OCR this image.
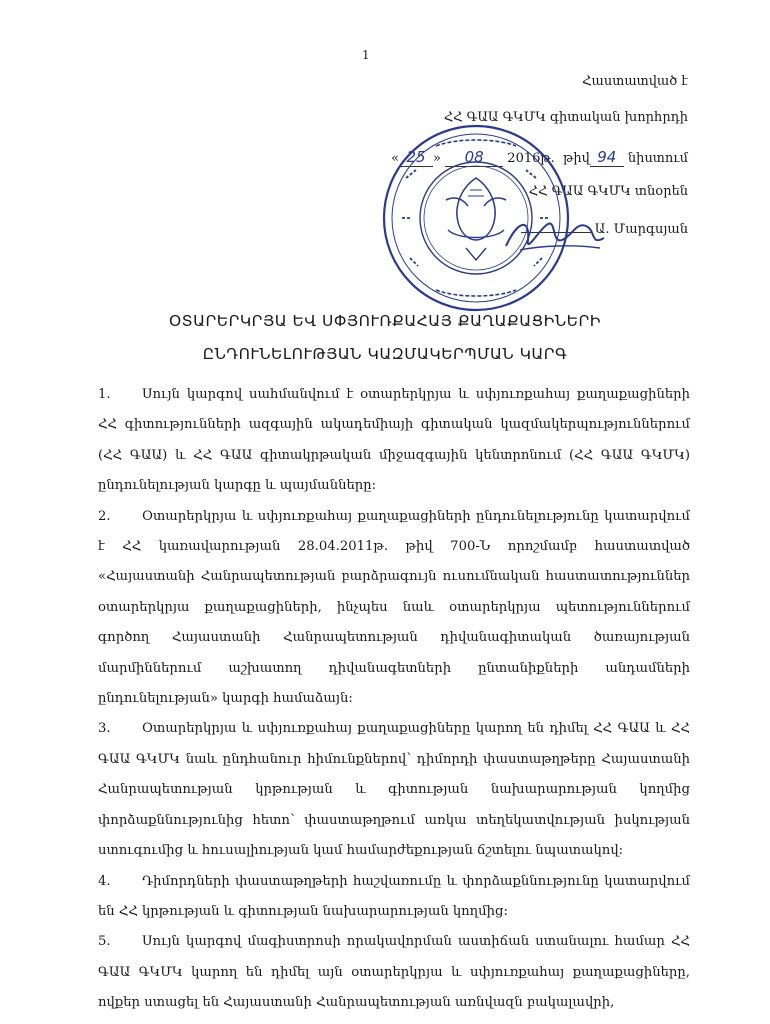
1
Հաստատված է
ՀՀ ԳԱԱ ԳԿՄԿ գիտական խորհրդի
« 25 » 08 2016թ. թիվ 94 նիստում
ՀՀ ԳԱԱ ԳԿՄԿ տնօրեն
Ա. Մարգսյան
ՕՏԱՐԵՐԿՐՅԱ ԵՎ ՍՓՅՈՒՌՔԱՀԱՅ ՔԱՂԱՔԱՑԻՆԵՐԻ
ԸՆԴՈՒՆԵԼՈՒԹՅԱՆ ԿԱԶՄԱԿԵՐՊՄԱՆ ԿԱՐԳ

1. Սույն կարգով սահմանվում է օտարերկրյա և սփյուռքահայ քաղաքացիների ՀՀ գիտությունների ազգային ակադեմիայի գիտական կազմակերպություններում (ՀՀ ԳԱԱ) և ՀՀ ԳԱԱ գիտակրթական միջազգային կենտրոնում (ՀՀ ԳԱԱ ԳԿՄԿ) ընդունելության կարգը և պայմանները:

2. Օտարերկրյա և սփյուռքահայ քաղաքացիների ընդունելությունը կատարվում է ՀՀ կառավարության 28.04.2011թ. թիվ 700-Ն որոշմամբ հաստատված «Հայաստանի Հանրապետության բարձրագույն ուսումնական հաստատություններ օտարերկրյա քաղաքացիների, ինչպես նաև օտարերկրյա պետություններում գործող Հայաստանի Հանրապետության դիվանագիտական ծառայության մարմիններում աշխատող դիվանագետների ընտանիքների անդամների ընդունելության» կարգի համաձայն:

3. Օտարերկրյա և սփյուռքահայ քաղաքացիները կարող են դիմել ՀՀ ԳԱԱ և ՀՀ ԳԱԱ ԳԿՄԿ նաև ընդհանուր հիմունքներով՝ դիմորդի փաստաթղթերը Հայաստանի Հանրապետության կրթության և գիտության նախարարության կողմից փորձաքննությունից հետո՝ փաստաթղթում առկա տեղեկատվության իսկության ստուգումից և հուսալիության կամ համարժեքության ճշտելու նպատակով:

4. Դիմորդների փաստաթղթերի հաշվառումը և փորձաքննությունը կատարվում են ՀՀ կրթության և գիտության նախարարության կողմից:

5. Սույն կարգով մագիստրոսի որակավորման աստիճան ստանալու համար ՀՀ ԳԱԱ ԳԿՄԿ կարող են դիմել այն օտարերկրյա և սփյուռքահայ քաղաքացիները, ովքեր ստացել են Հայաստանի Հանրապետության առնվազն բակալավրի,
